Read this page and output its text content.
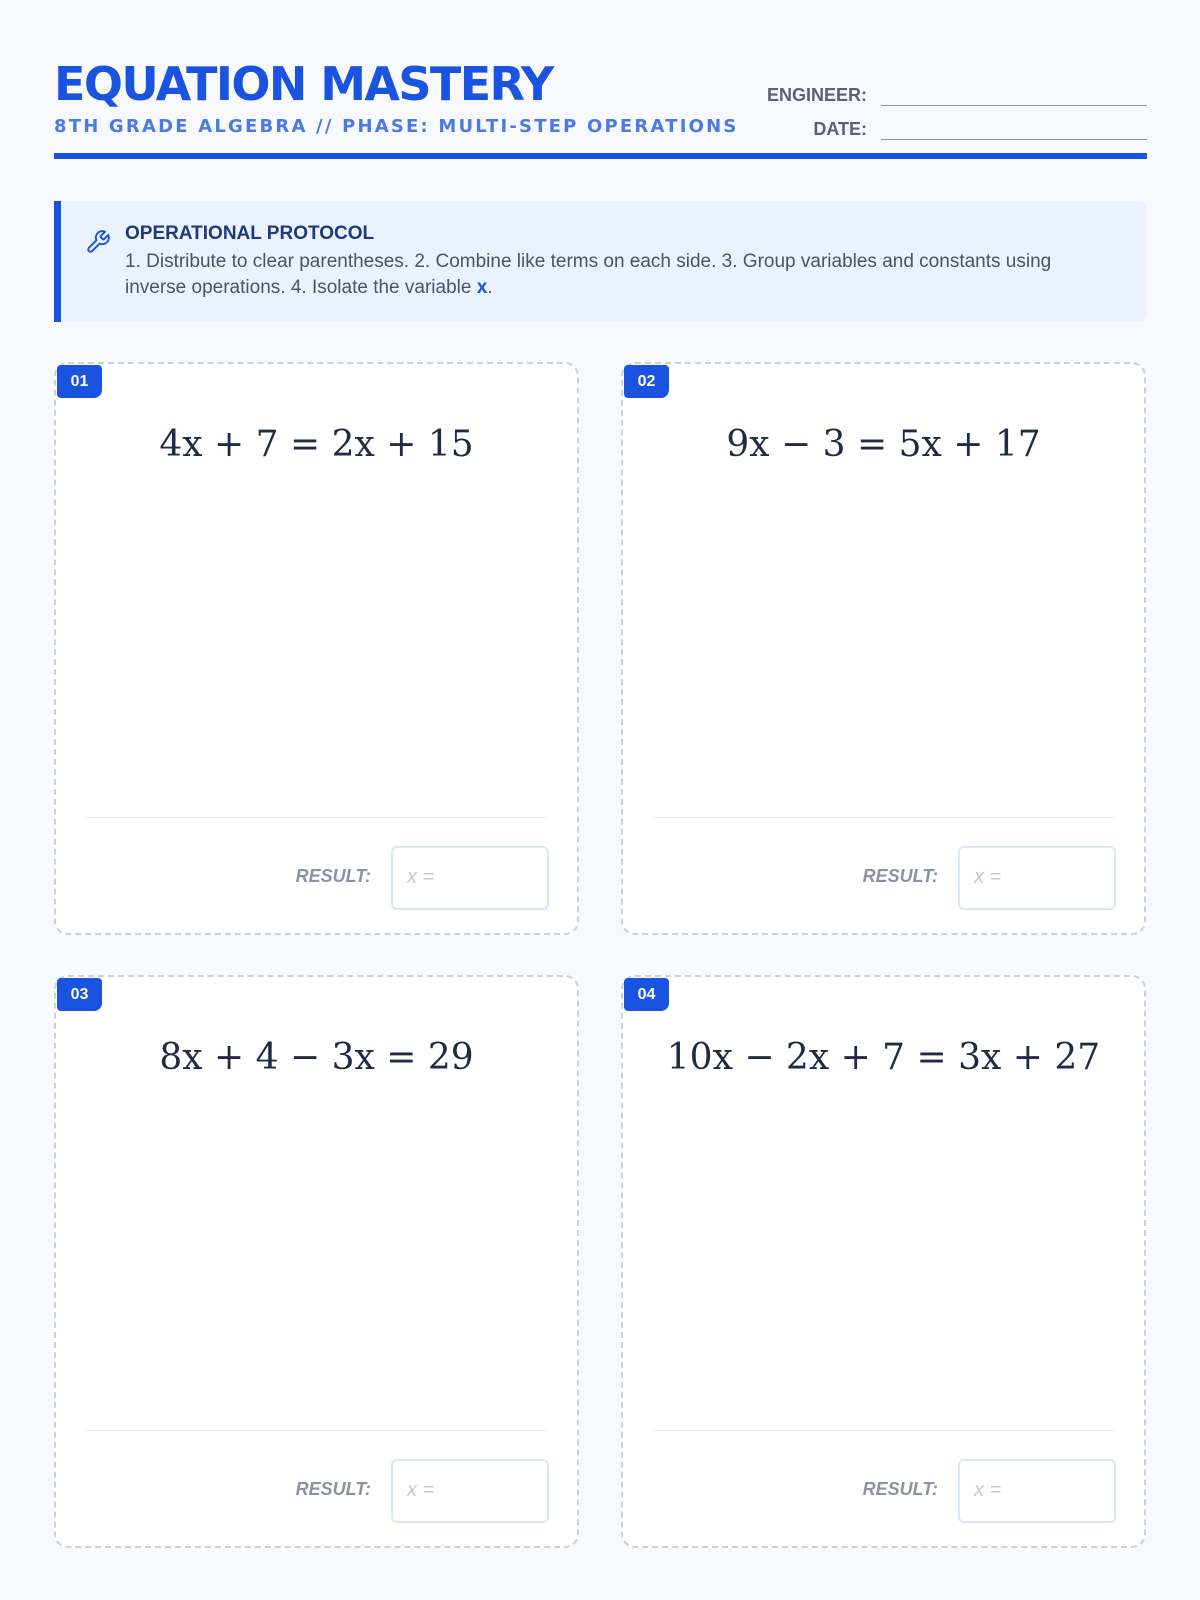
EQUATION MASTERY
8TH GRADE ALGEBRA // PHASE: MULTI-STEP OPERATIONS
ENGINEER:
DATE:
OPERATIONAL PROTOCOL
1. Distribute to clear parentheses. 2. Combine like terms on each side. 3. Group variables and constants using inverse operations. 4. Isolate the variable x.
01
4x + 7 = 2x + 15
RESULT:	x =
02
9x − 3 = 5x + 17
RESULT:	x =
03
8x + 4 − 3x = 29
RESULT:	x =
04
10x − 2x + 7 = 3x + 27
RESULT:	x =
